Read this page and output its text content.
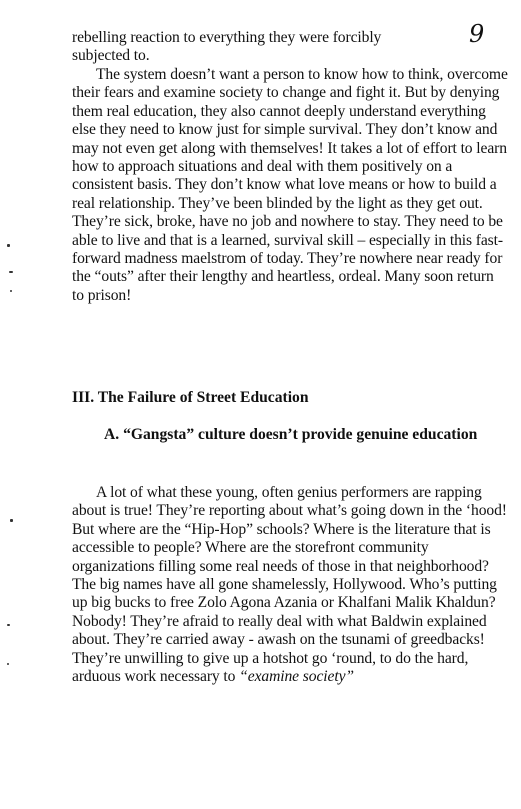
9

rebelling reaction to everything they were forcibly

subjected to.

The system doesn’t want a person to know how to think, overcome their fears and examine society to change and fight it. But by denying them real education, they also cannot deeply understand everything else they need to know just for simple survival. They don’t know and may not even get along with themselves! It takes a lot of effort to learn how to approach situations and deal with them positively on a consistent basis. They don’t know what love means or how to build a real relationship. They’ve been blinded by the light as they get out. They’re sick, broke, have no job and nowhere to stay. They need to be able to live and that is a learned, survival skill – especially in this fast-forward madness maelstrom of today. They’re nowhere near ready for the “outs” after their lengthy and heartless, ordeal. Many soon return to prison!

III. The Failure of Street Education
A. “Gangsta” culture doesn’t provide genuine education

A lot of what these young, often genius performers are rapping about is true! They’re reporting about what’s going down in the ‘hood! But where are the “Hip-Hop” schools? Where is the literature that is accessible to people? Where are the storefront community organizations filling some real needs of those in that neighborhood? The big names have all gone shamelessly, Hollywood. Who’s putting up big bucks to free Zolo Agona Azania or Khalfani Malik Khaldun? Nobody! They’re afraid to really deal with what Baldwin explained about. They’re carried away - awash on the tsunami of greedbacks! They’re unwilling to give up a hotshot go ‘round, to do the hard, arduous work necessary to “examine society”
